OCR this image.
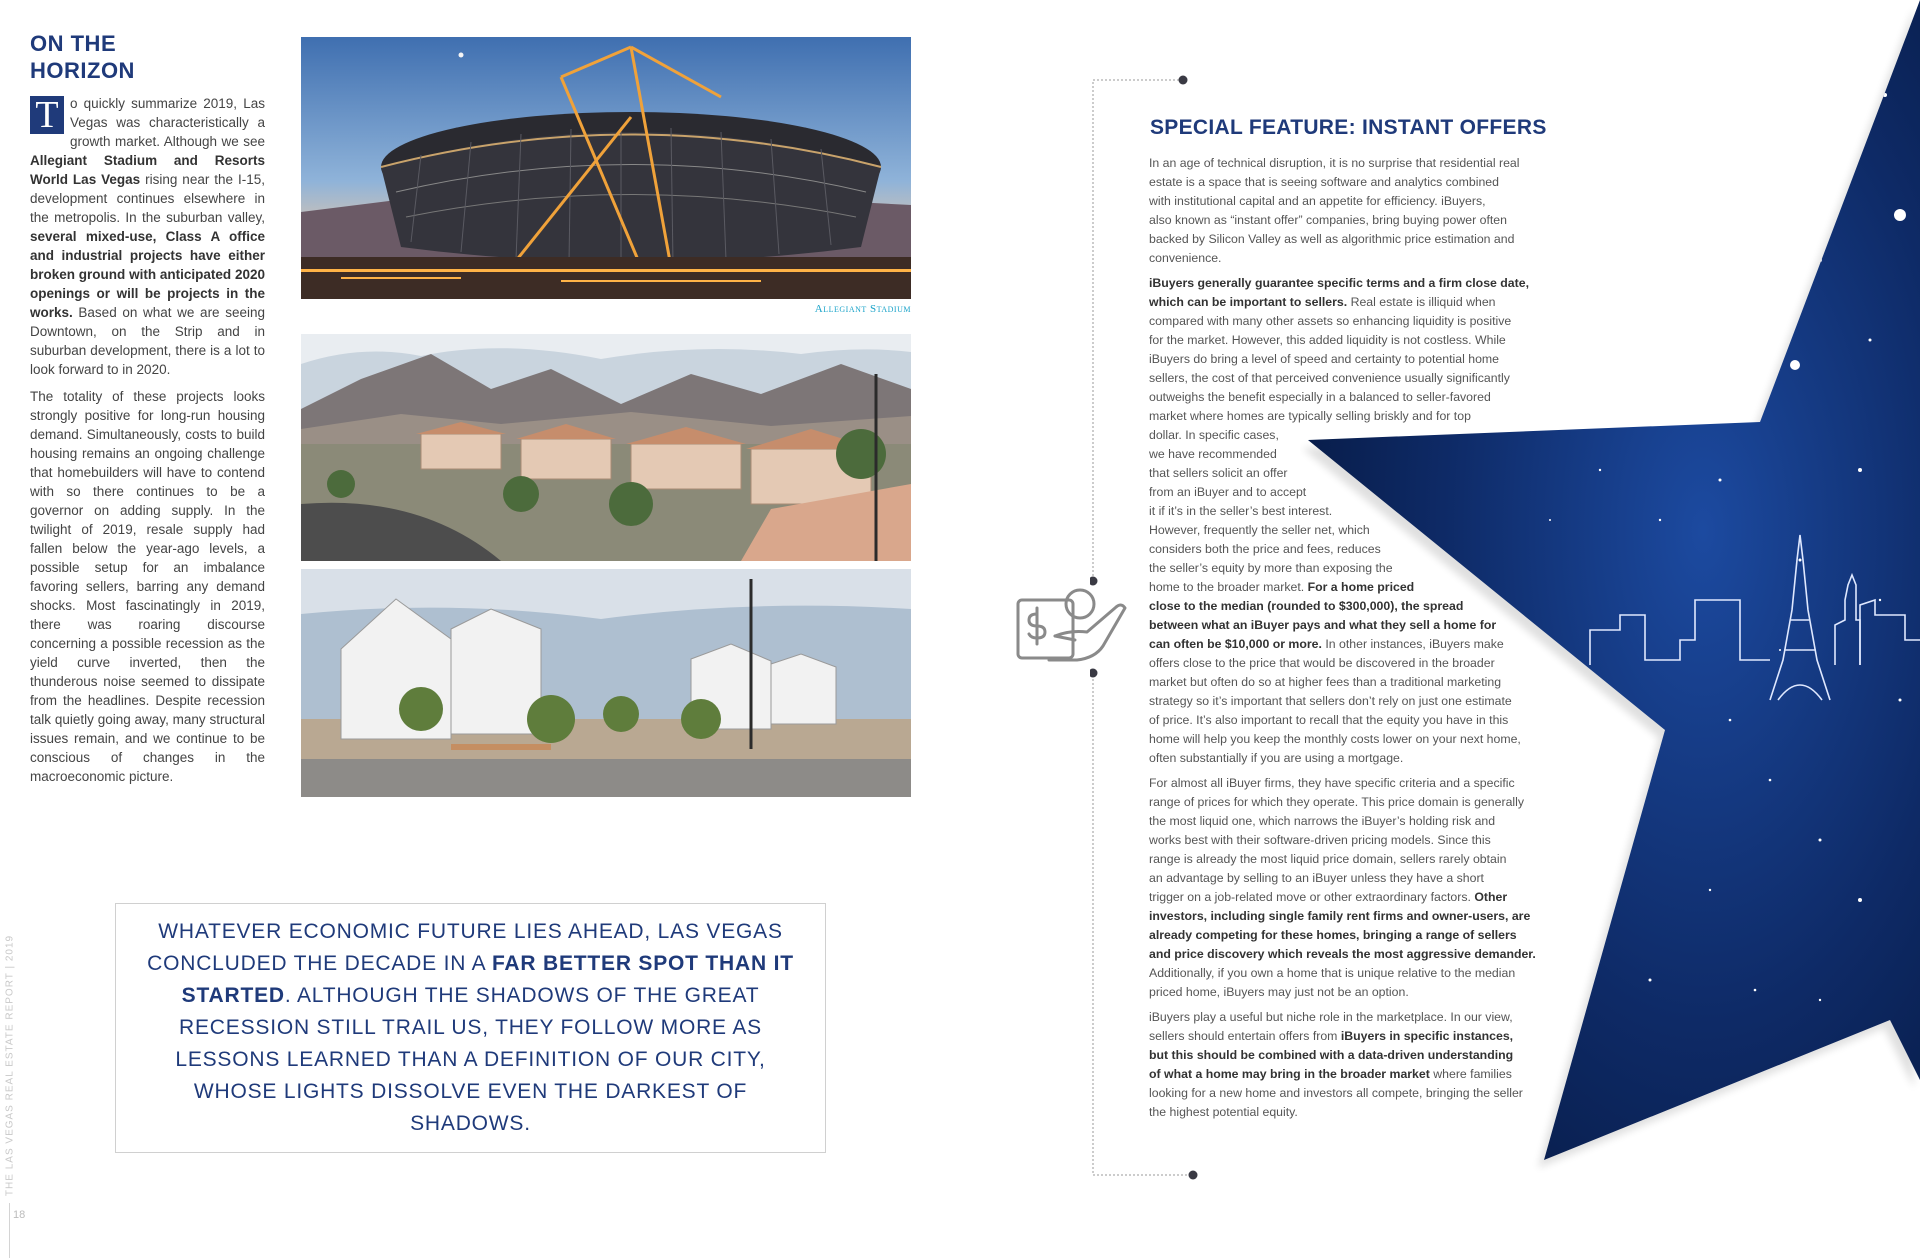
ON THE
HORIZON

T o quickly summarize 2019, Las Vegas was characteristically a growth market. Although we see Allegiant Stadium and Resorts World Las Vegas rising near the I-15, development continues elsewhere in the metropolis. In the suburban valley, several mixed-use, Class A office and industrial projects have either broken ground with anticipated 2020 openings or will be projects in the works. Based on what we are seeing Downtown, on the Strip and in suburban development, there is a lot to look forward to in 2020.

The totality of these projects looks strongly positive for long-run housing demand. Simultaneously, costs to build housing remains an ongoing challenge that homebuilders will have to contend with so there continues to be a governor on adding supply. In the twilight of 2019, resale supply had fallen below the year-ago levels, a possible setup for an imbalance favoring sellers, barring any demand shocks. Most fascinatingly in 2019, there was roaring discourse concerning a possible recession as the yield curve inverted, then the thunderous noise seemed to dissipate from the headlines. Despite recession talk quietly going away, many structural issues remain, and we continue to be conscious of changes in the macroeconomic picture.

Allegiant Stadium
WHATEVER ECONOMIC FUTURE LIES AHEAD, LAS VEGAS CONCLUDED THE DECADE IN A FAR BETTER SPOT THAN IT STARTED. ALTHOUGH THE SHADOWS OF THE GREAT RECESSION STILL TRAIL US, THEY FOLLOW MORE AS LESSONS LEARNED THAN A DEFINITION OF OUR CITY, WHOSE LIGHTS DISSOLVE EVEN THE DARKEST OF SHADOWS.
THE LAS VEGAS REAL ESTATE REPORT | 2019
18
SPECIAL FEATURE: INSTANT OFFERS

In an age of technical disruption, it is no surprise that residential real
estate is a space that is seeing software and analytics combined
with institutional capital and an appetite for efficiency. iBuyers,
also known as “instant offer” companies, bring buying power often
backed by Silicon Valley as well as algorithmic price estimation and
convenience.

iBuyers generally guarantee specific terms and a firm close date,
which can be important to sellers. Real estate is illiquid when
compared with many other assets so enhancing liquidity is positive
for the market. However, this added liquidity is not costless. While
iBuyers do bring a level of speed and certainty to potential home
sellers, the cost of that perceived convenience usually significantly
outweighs the benefit especially in a balanced to seller-favored
market where homes are typically selling briskly and for top
dollar. In specific cases,
we have recommended
that sellers solicit an offer
from an iBuyer and to accept
it if it’s in the seller’s best interest.
However, frequently the seller net, which
considers both the price and fees, reduces
the seller’s equity by more than exposing the
home to the broader market. For a home priced
close to the median (rounded to $300,000), the spread
between what an iBuyer pays and what they sell a home for
can often be $10,000 or more. In other instances, iBuyers make
offers close to the price that would be discovered in the broader
market but often do so at higher fees than a traditional marketing
strategy so it’s important that sellers don’t rely on just one estimate
of price. It’s also important to recall that the equity you have in this
home will help you keep the monthly costs lower on your next home,
often substantially if you are using a mortgage.

For almost all iBuyer firms, they have specific criteria and a specific
range of prices for which they operate. This price domain is generally
the most liquid one, which narrows the iBuyer’s holding risk and
works best with their software-driven pricing models. Since this
range is already the most liquid price domain, sellers rarely obtain
an advantage by selling to an iBuyer unless they have a short
trigger on a job-related move or other extraordinary factors. Other
investors, including single family rent firms and owner-users, are
already competing for these homes, bringing a range of sellers
and price discovery which reveals the most aggressive demander.
Additionally, if you own a home that is unique relative to the median
priced home, iBuyers may just not be an option.

iBuyers play a useful but niche role in the marketplace. In our view,
sellers should entertain offers from iBuyers in specific instances,
but this should be combined with a data-driven understanding
of what a home may bring in the broader market where families
looking for a new home and investors all compete, bringing the seller
the highest potential equity.
